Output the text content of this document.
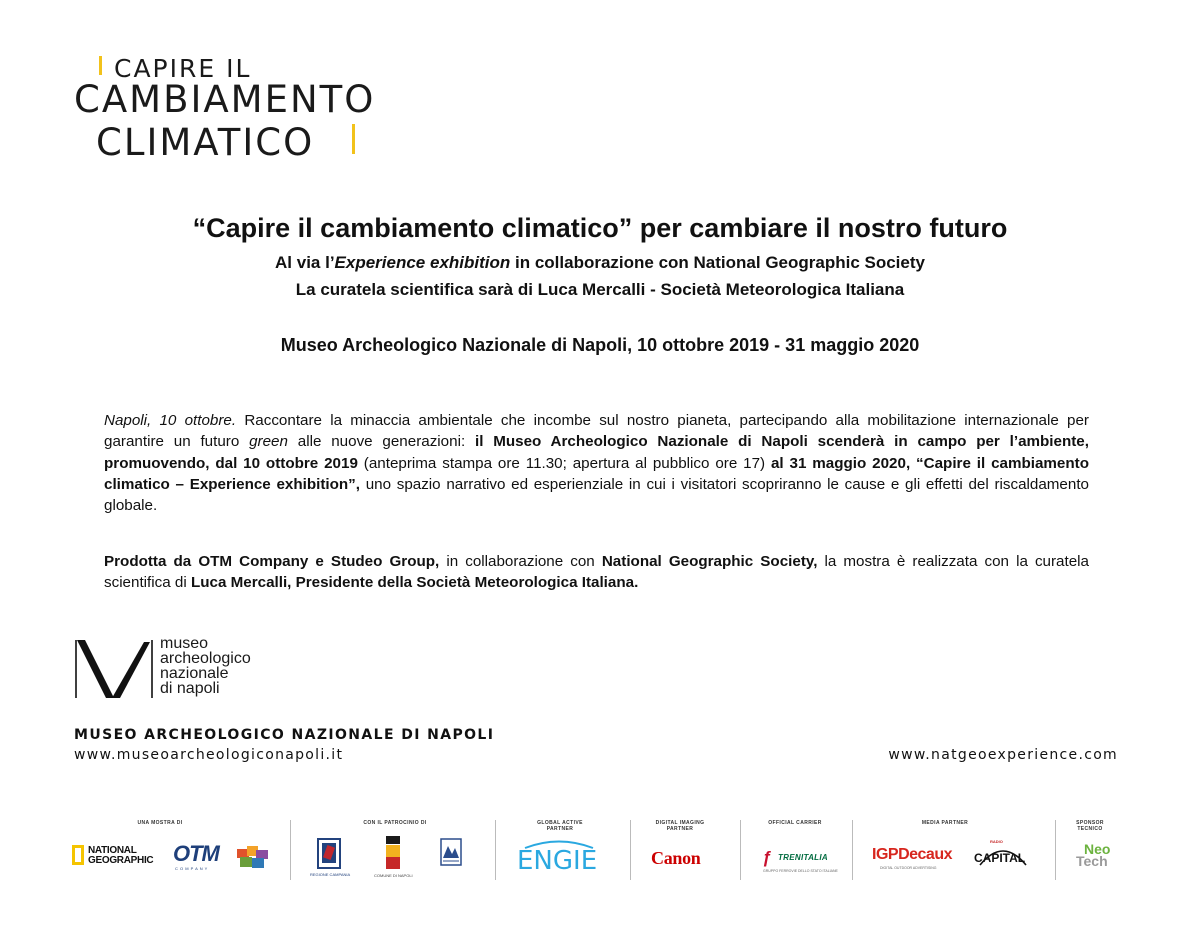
CAPIRE IL
CAMBIAMENTO
CLIMATICO
“Capire il cambiamento climatico” per cambiare il nostro futuro
Al via l’Experience exhibition in collaborazione con National Geographic Society
La curatela scientifica sarà di Luca Mercalli - Società Meteorologica Italiana
Museo Archeologico Nazionale di Napoli, 10 ottobre 2019 - 31 maggio 2020
Napoli, 10 ottobre. Raccontare la minaccia ambientale che incombe sul nostro pianeta, partecipando alla mobilitazione internazionale per garantire un futuro green alle nuove generazioni: il Museo Archeologico Nazionale di Napoli scenderà in campo per l’ambiente, promuovendo, dal 10 ottobre 2019 (anteprima stampa ore 11.30; apertura al pubblico ore 17) al 31 maggio 2020, “Capire il cambiamento climatico – Experience exhibition”, uno spazio narrativo ed esperienziale in cui i visitatori scopriranno le cause e gli effetti del riscaldamento globale.
Prodotta da OTM Company e Studeo Group, in collaborazione con National Geographic Society, la mostra è realizzata con la curatela scientifica di Luca Mercalli, Presidente della Società Meteorologica Italiana.
museo
archeologico
nazionale
di napoli
MUSEO ARCHEOLOGICO NAZIONALE DI NAPOLI
www.museoarcheologiconapoli.it	www.natgeoexperience.com
UNA MOSTRA DI
NATIONAL
GEOGRAPHIC OTM
C O M P A N Y
CON IL PATROCINIO DI
REGIONE CAMPANIA	COMUNE DI NAPOLI
GLOBAL ACTIVE
PARTNER
ENGIE
DIGITAL IMAGING
PARTNER
Canon
OFFICIAL CARRIER
ƒ TRENITALIA
GRUPPO FERROVIE DELLO STATO ITALIANE
MEDIA PARTNER
IGPDecaux
DIGITAL OUTDOOR ADVERTISING
RADIO
CAPITAL
SPONSOR
TECNICO
Neo
Tech
